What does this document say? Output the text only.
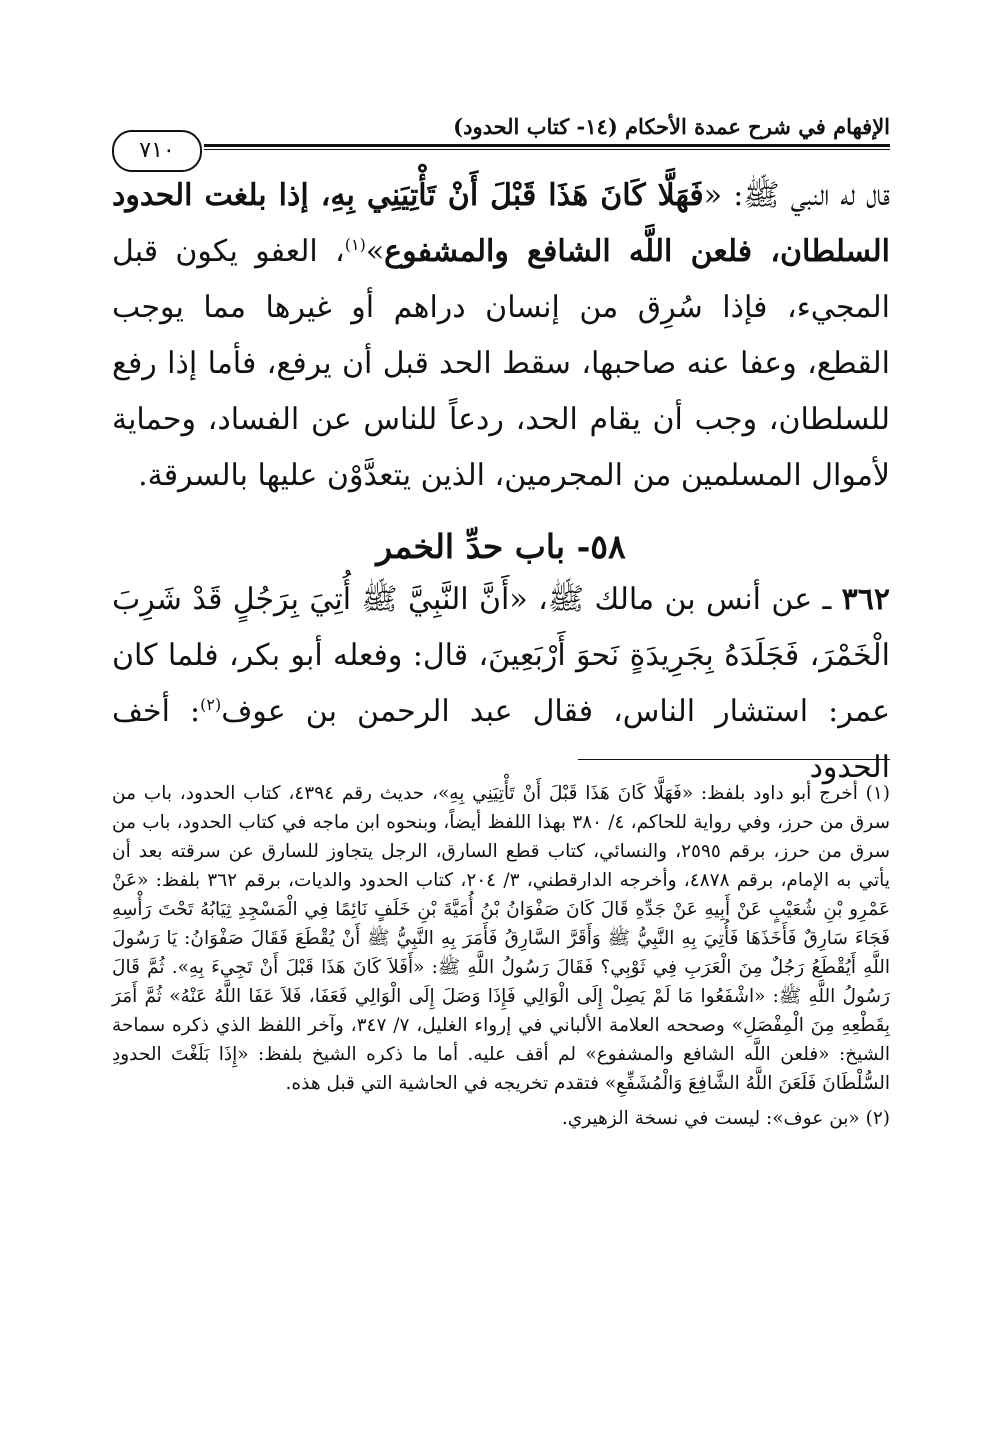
الإفهام في شرح عمدة الأحكام (١٤- كتاب الحدود)
٧١٠

قال له النبي ﷺ: «فَهَلَّا كَانَ هَذَا قَبْلَ أَنْ تَأْتِيَنِي بِهِ، إذا بلغت الحدود السلطان، فلعن اللَّه الشافع والمشفوع»$^{(١)}$، العفو يكون قبل المجيء، فإذا سُرِق من إنسان دراهم أو غيرها مما يوجب القطع، وعفا عنه صاحبها، سقط الحد قبل أن يرفع، فأما إذا رفع للسلطان، وجب أن يقام الحد، ردعاً للناس عن الفساد، وحماية لأموال المسلمين من المجرمين، الذين يتعدَّوْن عليها بالسرقة.

٥٨- باب حدِّ الخمر

٣٦٢ ـ عن أنس بن مالك ﷺ، «أَنَّ النَّبِيَّ ﷺ أُتِيَ بِرَجُلٍ قَدْ شَرِبَ الْخَمْرَ، فَجَلَدَهُ بِجَرِيدَةٍ نَحوَ أَرْبَعِينَ، قال: وفعله أبو بكر، فلما كان عمر: استشار الناس، فقال عبد الرحمن بن عوف$^{(٢)}$: أخف الحدود

(١) أخرج أبو داود بلفظ: «فَهَلَّا كَانَ هَذَا قَبْلَ أَنْ تَأْتِيَنِي بِهِ»، حديث رقم ٤٣٩٤، كتاب الحدود، باب من سرق من حرز، وفي رواية للحاكم، ٤/ ٣٨٠ بهذا اللفظ أيضاً، وبنحوه ابن ماجه في كتاب الحدود، باب من سرق من حرز، برقم ٢٥٩٥، والنسائي، كتاب قطع السارق، الرجل يتجاوز للسارق عن سرقته بعد أن يأتي به الإمام، برقم ٤٨٧٨، وأخرجه الدارقطني، ٣/ ٢٠٤، كتاب الحدود والديات، برقم ٣٦٢ بلفظ: «عَنْ عَمْرِو بْنِ شُعَيْبٍ عَنْ أَبِيهِ عَنْ جَدِّهِ قَالَ كَانَ صَفْوَانُ بْنُ أُمَيَّةَ بْنِ خَلَفٍ نَائِمًا فِي الْمَسْجِدِ ثِيَابُهُ تَحْتَ رَأْسِهِ فَجَاءَ سَارِقٌ فَأَخَذَهَا فَأُتِيَ بِهِ النَّبِيُّ ﷺ وَأَقَرَّ السَّارِقُ فَأَمَرَ بِهِ النَّبِيُّ ﷺ أَنْ يُقْطَعَ فَقَالَ صَفْوَانُ: يَا رَسُولَ اللَّهِ أَيُقْطَعُ رَجُلٌ مِنَ الْعَرَبِ فِي ثَوْبِي؟ فَقَالَ رَسُولُ اللَّهِ ﷺ: «أَفَلاَ كَانَ هَذَا قَبْلَ أَنْ تَجِيءَ بِهِ». ثُمَّ قَالَ رَسُولُ اللَّهِ ﷺ: «اشْفَعُوا مَا لَمْ يَصِلْ إِلَى الْوَالِي فَإِذَا وَصَلَ إِلَى الْوَالِي فَعَفَا، فَلاَ عَفَا اللَّهُ عَنْهُ» ثُمَّ أَمَرَ بِقَطْعِهِ مِنَ الْمِفْصَلِ» وصححه العلامة الألباني في إرواء الغليل، ٧/ ٣٤٧، وآخر اللفظ الذي ذكره سماحة الشيخ: «فلعن اللَّه الشافع والمشفوع» لم أقف عليه. أما ما ذكره الشيخ بلفظ: «إِذَا بَلَغْتَ الحدودِ السُّلْطَانَ فَلَعَنَ اللَّهُ الشَّافِعَ وَالْمُشَفِّعِ» فتقدم تخريجه في الحاشية التي قبل هذه.

(٢) «بن عوف»: ليست في نسخة الزهيري.
